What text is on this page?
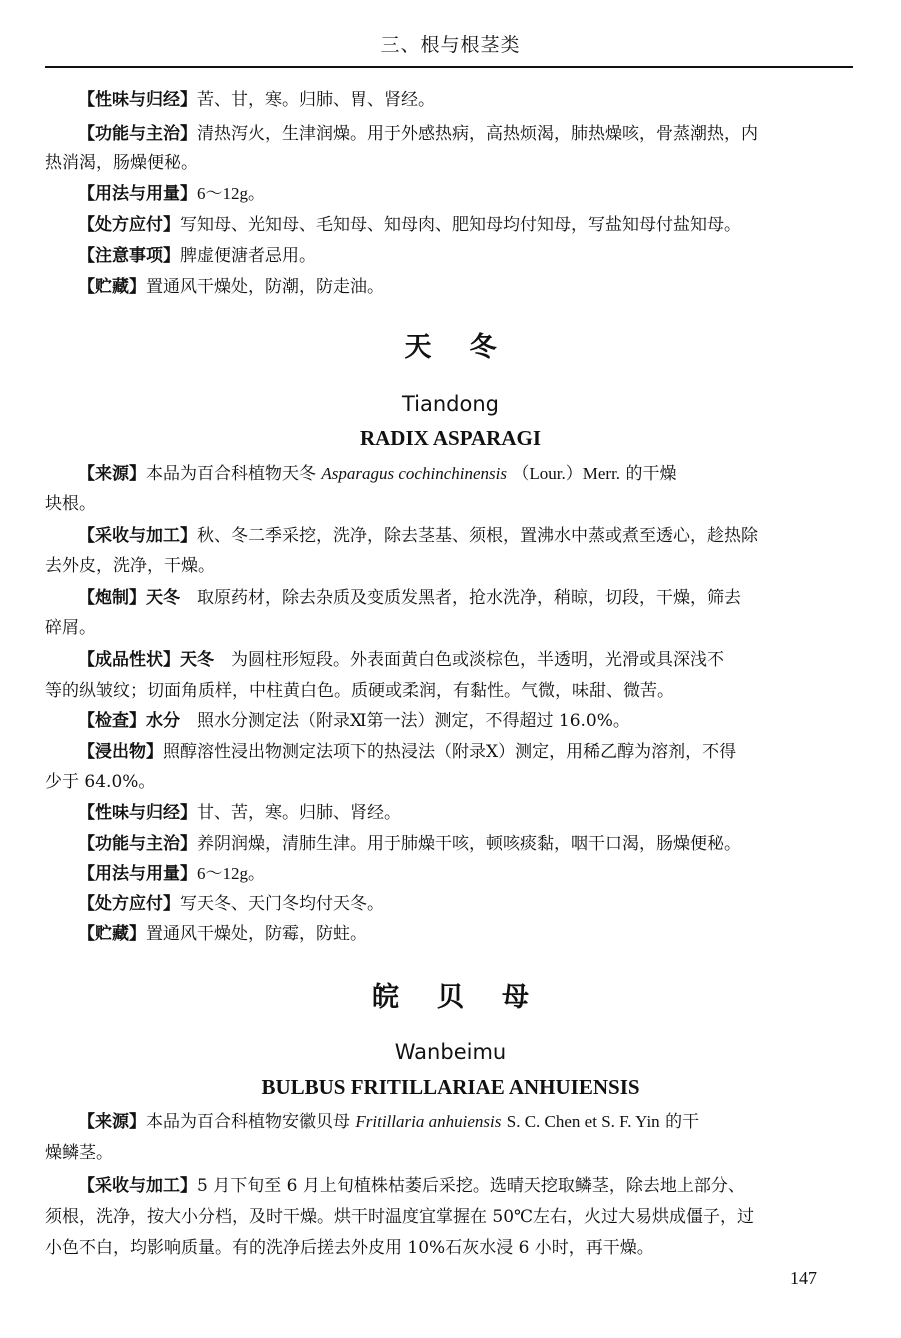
三、根与根茎类
【性味与归经】苦、甘，寒。归肺、胃、肾经。
【功能与主治】清热泻火，生津润燥。用于外感热病，高热烦渴，肺热燥咳，骨蒸潮热，内
热消渴，肠燥便秘。
【用法与用量】6～12g。
【处方应付】写知母、光知母、毛知母、知母肉、肥知母均付知母，写盐知母付盐知母。
【注意事项】脾虚便溏者忌用。
【贮藏】置通风干燥处，防潮，防走油。
天冬
Tiandong
RADIX ASPARAGI
【来源】本品为百合科植物天冬 Asparagus cochinchinensis （Lour.）Merr. 的干燥
块根。
【采收与加工】秋、冬二季采挖，洗净，除去茎基、须根，置沸水中蒸或煮至透心，趁热除
去外皮，洗净，干燥。
【炮制】天冬　取原药材，除去杂质及变质发黑者，抢水洗净，稍晾，切段，干燥，筛去
碎屑。
【成品性状】天冬　为圆柱形短段。外表面黄白色或淡棕色，半透明，光滑或具深浅不
等的纵皱纹；切面角质样，中柱黄白色。质硬或柔润，有黏性。气微，味甜、微苦。
【检查】水分　照水分测定法（附录Ⅺ第一法）测定，不得超过 16.0%。
【浸出物】照醇溶性浸出物测定法项下的热浸法（附录Ⅹ）测定，用稀乙醇为溶剂，不得
少于 64.0%。
【性味与归经】甘、苦，寒。归肺、肾经。
【功能与主治】养阴润燥，清肺生津。用于肺燥干咳，顿咳痰黏，咽干口渴，肠燥便秘。
【用法与用量】6～12g。
【处方应付】写天冬、天门冬均付天冬。
【贮藏】置通风干燥处，防霉，防蛀。
皖贝母
Wanbeimu
BULBUS FRITILLARIAE ANHUIENSIS
【来源】本品为百合科植物安徽贝母 Fritillaria anhuiensis S. C. Chen et S. F. Yin 的干
燥鳞茎。
【采收与加工】5 月下旬至 6 月上旬植株枯萎后采挖。选晴天挖取鳞茎，除去地上部分、
须根，洗净，按大小分档，及时干燥。烘干时温度宜掌握在 50℃左右，火过大易烘成僵子，过
小色不白，均影响质量。有的洗净后搓去外皮用 10%石灰水浸 6 小时，再干燥。
147
